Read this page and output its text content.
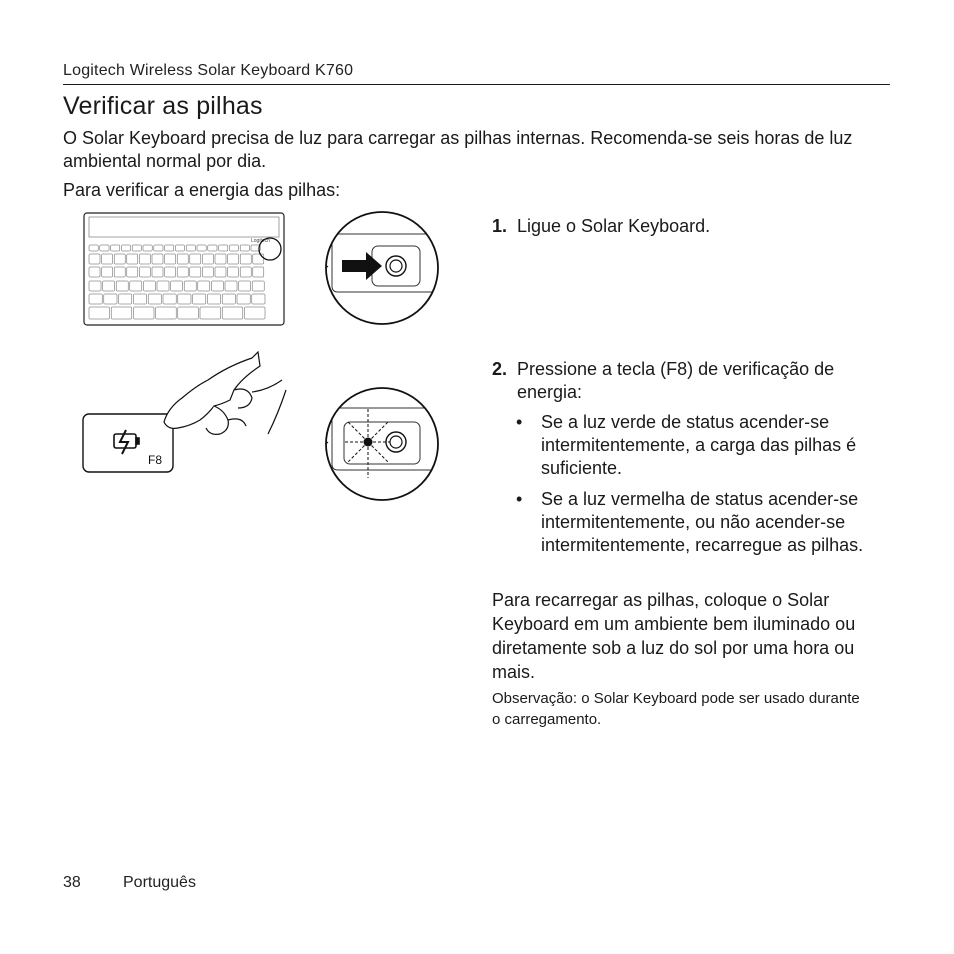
Logitech Wireless Solar Keyboard K760
Verificar as pilhas
O Solar Keyboard precisa de luz para carregar as pilhas internas. Recomenda-se seis horas de luz ambiental normal por dia.
Para verificar a energia das pilhas:
Logitech
F8
1. Ligue o Solar Keyboard.
2. Pressione a tecla (F8) de verificação de energia:
• Se a luz verde de status acender-se intermitentemente, a carga das pilhas é suficiente.
• Se a luz vermelha de status acender-se intermitentemente, ou não acender-se intermitentemente, recarregue as pilhas.
Para recarregar as pilhas, coloque o Solar Keyboard em um ambiente bem iluminado ou diretamente sob a luz do sol por uma hora ou mais.
Observação: o Solar Keyboard pode ser usado durante o carregamento.
38	Português
